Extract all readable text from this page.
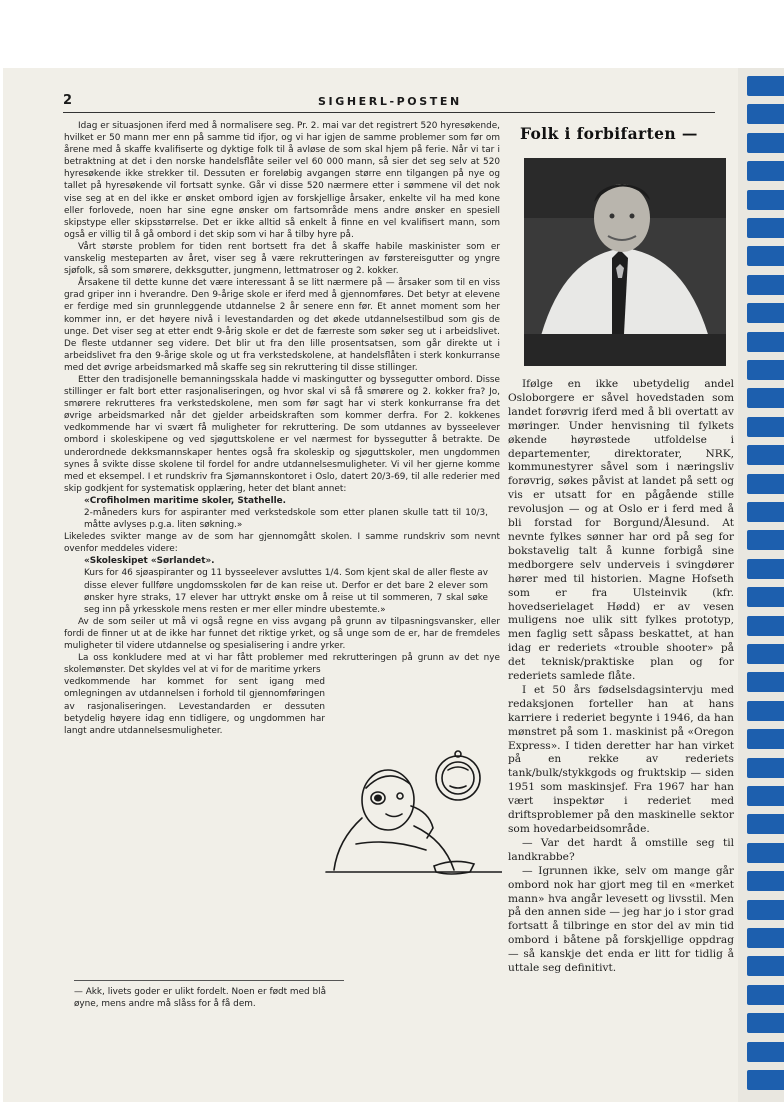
2	SIGHERL-POSTEN

Idag er situasjonen iferd med å normalisere seg. Pr. 2. mai var det registrert 520 hyresøkende, hvilket er 50 mann mer enn på samme tid ifjor, og vi har igjen de samme problemer som før om årene med å skaffe kvalifiserte og dyktige folk til å avløse de som skal hjem på ferie. Når vi tar i betraktning at det i den norske handelsflåte seiler vel 60 000 mann, så sier det seg selv at 520 hyresøkende ikke strekker til. Dessuten er foreløbig avgangen større enn tilgangen på nye og tallet på hyresøkende vil fortsatt synke. Går vi disse 520 nærmere etter i sømmene vil det nok vise seg at en del ikke er ønsket ombord igjen av forskjellige årsaker, enkelte vil ha med kone eller forlovede, noen har sine egne ønsker om fartsområde mens andre ønsker en spesiell skipstype eller skipsstørrelse. Det er ikke alltid så enkelt å finne en vel kvalifisert mann, som også er villig til å gå ombord i det skip som vi har å tilby hyre på.

Vårt største problem for tiden rent bortsett fra det å skaffe habile maskinister som er vanskelig mesteparten av året, viser seg å være rekrutteringen av førstereisgutter og yngre sjøfolk, så som smørere, dekksgutter, jungmenn, lettmatroser og 2. kokker.

Årsakene til dette kunne det være interessant å se litt nærmere på — årsaker som til en viss grad griper inn i hverandre. Den 9-årige skole er iferd med å gjennomføres. Det betyr at elevene er ferdige med sin grunnleggende utdannelse 2 år senere enn før. Et annet moment som her kommer inn, er det høyere nivå i levestandarden og det økede utdannelsestilbud som gis de unge. Det viser seg at etter endt 9-årig skole er det de færreste som søker seg ut i arbeidslivet. De fleste utdanner seg videre. Det blir ut fra den lille prosentsatsen, som går direkte ut i arbeidslivet fra den 9-årige skole og ut fra verkstedskolene, at handelsflåten i sterk konkurranse med det øvrige arbeidsmarked må skaffe seg sin rekruttering til disse stillinger.

Etter den tradisjonelle bemanningsskala hadde vi maskingutter og byssegutter ombord. Disse stillinger er falt bort etter rasjonaliseringen, og hvor skal vi så få smørere og 2. kokker fra? Jo, smørere rekrutteres fra verkstedskolene, men som før sagt har vi sterk konkurranse fra det øvrige arbeidsmarked når det gjelder arbeidskraften som kommer derfra. For 2. kokkenes vedkommende har vi svært få muligheter for rekruttering. De som utdannes av bysseelever ombord i skoleskipene og ved sjøguttskolene er vel nærmest for byssegutter å betrakte. De underordnede dekksmannskaper hentes også fra skoleskip og sjøguttskoler, men ungdommen synes å svikte disse skolene til fordel for andre utdannelsesmuligheter. Vi vil her gjerne komme med et eksempel. I et rundskriv fra Sjømannskontoret i Oslo, datert 20/3-69, til alle rederier med skip godkjent for systematisk opplæring, heter det blant annet:

«Crofiholmen maritime skoler, Stathelle.

2-måneders kurs for aspiranter med verkstedskole som etter planen skulle tatt til 10/3, måtte avlyses p.g.a. liten søkning.»

Likeledes svikter mange av de som har gjennomgått skolen. I samme rundskriv som nevnt ovenfor meddeles videre:

«Skoleskipet «Sørlandet».

Kurs for 46 sjøaspiranter og 11 bysseelever avsluttes 1/4. Som kjent skal de aller fleste av disse elever fullføre ungdomsskolen før de kan reise ut. Derfor er det bare 2 elever som ønsker hyre straks, 17 elever har uttrykt ønske om å reise ut til sommeren, 7 skal søke seg inn på yrkesskole mens resten er mer eller mindre ubestemte.»

Av de som seiler ut må vi også regne en viss avgang på grunn av tilpasningsvansker, eller fordi de finner ut at de ikke har funnet det riktige yrket, og så unge som de er, har de fremdeles muligheter til videre utdannelse og spesialisering i andre yrker.

La oss konkludere med at vi har fått problemer med rekrutteringen på grunn av det nye skolemønster. Det skyldes vel at vi for de maritime yrkers

vedkommende har kommet for sent igang med omlegningen av utdannelsen i forhold til gjennomføringen av rasjonaliseringen. Levestandarden er dessuten betydelig høyere idag enn tidligere, og ungdommen har langt andre utdannelsesmuligheter.

— Akk, livets goder er ulikt fordelt. Noen er født med blå øyne, mens andre må slåss for å få dem.
Folk i forbifarten —

Ifølge en ikke ubetydelig andel Osloborgere er såvel hovedstaden som landet forøvrig iferd med å bli overtatt av møringer. Under henvisning til fylkets økende høyrøstede utfoldelse i departementer, direktorater, NRK, kommunestyrer såvel som i næringsliv forøvrig, søkes påvist at landet på sett og vis er utsatt for en pågående stille revolusjon — og at Oslo er i ferd med å bli forstad for Borgund/Ålesund. At nevnte fylkes sønner har ord på seg for bokstavelig talt å kunne forbigå sine medborgere selv underveis i svingdører hører med til historien. Magne Hofseth som er fra Ulsteinvik (kfr. hovedserielaget Hødd) er av vesen muligens noe ulik sitt fylkes prototyp, men faglig sett såpass beskattet, at han idag er rederiets «trouble shooter» på det teknisk/praktiske plan og for rederiets samlede flåte.

I et 50 års fødselsdagsintervju med redaksjonen forteller han at hans karriere i rederiet begynte i 1946, da han mønstret på som 1. maskinist på «Oregon Express». I tiden deretter har han virket på en rekke av rederiets tank/bulk/stykkgods og fruktskip — siden 1951 som maskinsjef. Fra 1967 har han vært inspektør i rederiet med driftsproblemer på den maskinelle sektor som hovedarbeidsområde.

— Var det hardt å omstille seg til landkrabbe?

— Igrunnen ikke, selv om mange går ombord nok har gjort meg til en «merket mann» hva angår levesett og livsstil. Men på den annen side — jeg har jo i stor grad fortsatt å tilbringe en stor del av min tid ombord i båtene på forskjellige oppdrag — så kanskje det enda er litt for tidlig å uttale seg definitivt.
